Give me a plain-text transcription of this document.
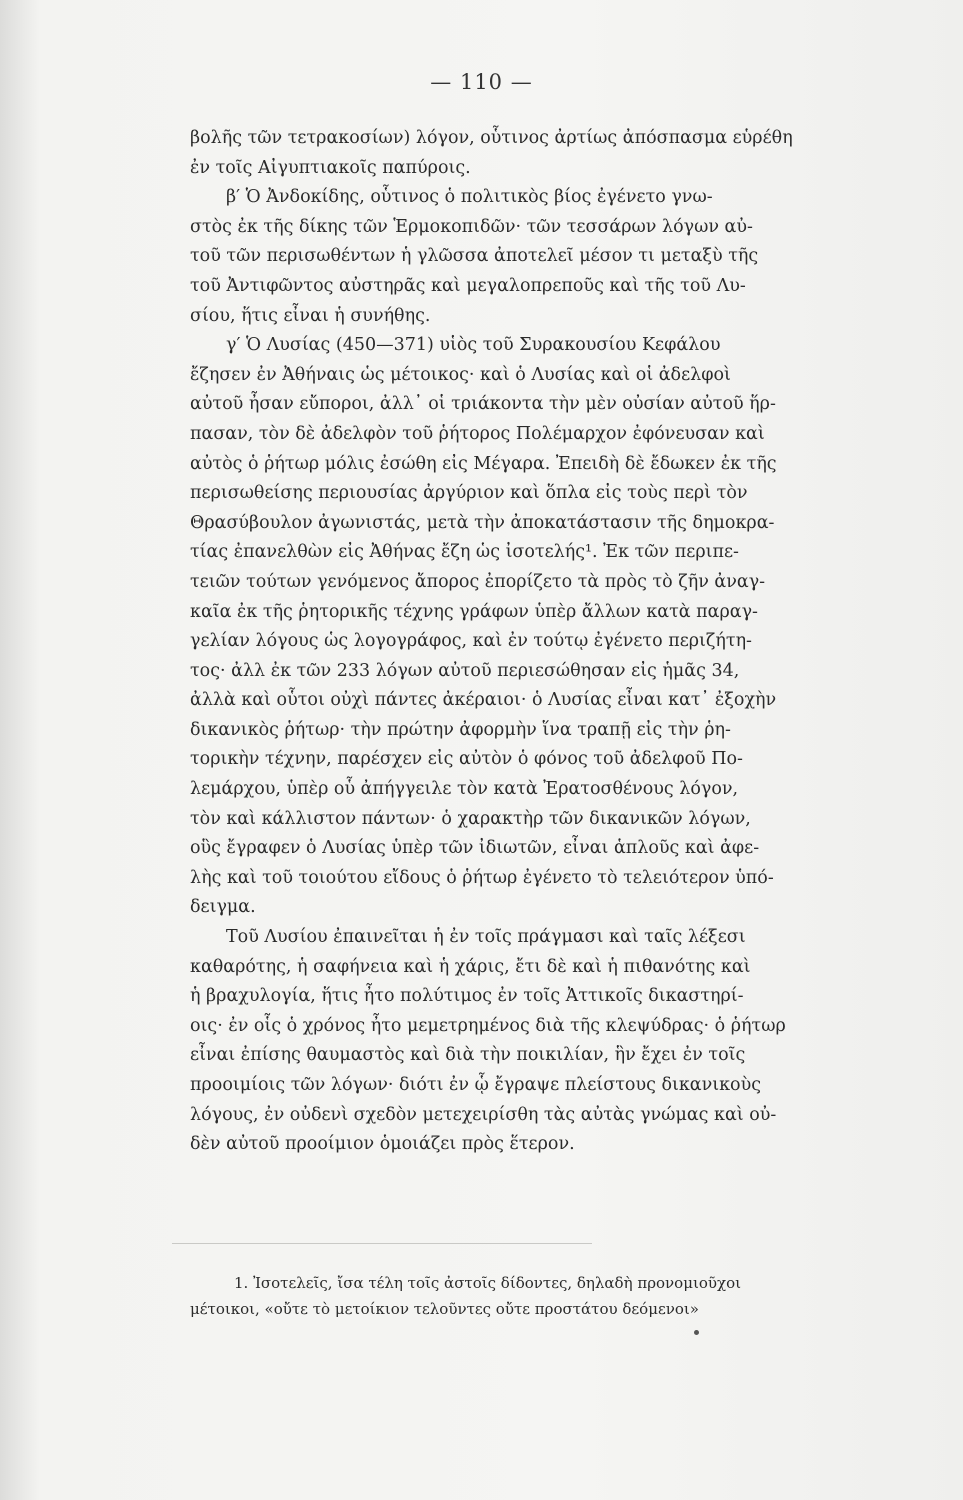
— 110 —
βολῆς τῶν τετρακοσίων) λόγον, οὗτινος ἀρτίως ἀπόσπασμα εὑρέθη
ἐν τοῖς Αἰγυπτιακοῖς παπύροις.
β′ Ὁ Ἀνδοκίδης, οὗτινος ὁ πολιτικὸς βίος ἐγένετο γνω-
στὸς ἐκ τῆς δίκης τῶν Ἑρμοκοπιδῶν· τῶν τεσσάρων λόγων αὐ-
τοῦ τῶν περισωθέντων ἡ γλῶσσα ἀποτελεῖ μέσον τι μεταξὺ τῆς
τοῦ Ἀντιφῶντος αὐστηρᾶς καὶ μεγαλοπρεποῦς καὶ τῆς τοῦ Λυ-
σίου, ἥτις εἶναι ἡ συνήθης.
γ′ Ὁ Λυσίας (450—371) υἱὸς τοῦ Συρακουσίου Κεφάλου
ἔζησεν ἐν Ἀθήναις ὡς μέτοικος· καὶ ὁ Λυσίας καὶ οἱ ἀδελφοὶ
αὐτοῦ ἦσαν εὔποροι, ἀλλ᾿ οἱ τριάκοντα τὴν μὲν οὐσίαν αὐτοῦ ἥρ-
πασαν, τὸν δὲ ἀδελφὸν τοῦ ῥήτορος Πολέμαρχον ἐφόνευσαν καὶ
αὐτὸς ὁ ῥήτωρ μόλις ἐσώθη εἰς Μέγαρα. Ἐπειδὴ δὲ ἔδωκεν ἐκ τῆς
περισωθείσης περιουσίας ἀργύριον καὶ ὅπλα εἰς τοὺς περὶ τὸν
Θρασύβουλον ἀγωνιστάς, μετὰ τὴν ἀποκατάστασιν τῆς δημοκρα-
τίας ἐπανελθὼν εἰς Ἀθήνας ἔζη ὡς ἰσοτελής¹. Ἐκ τῶν περιπε-
τειῶν τούτων γενόμενος ἄπορος ἐπορίζετο τὰ πρὸς τὸ ζῆν ἀναγ-
καῖα ἐκ τῆς ῥητορικῆς τέχνης γράφων ὑπὲρ ἄλλων κατὰ παραγ-
γελίαν λόγους ὡς λογογράφος, καὶ ἐν τούτῳ ἐγένετο περιζήτη-
τος· ἀλλ ἐκ τῶν 233 λόγων αὐτοῦ περιεσώθησαν εἰς ἡμᾶς 34,
ἀλλὰ καὶ οὗτοι οὐχὶ πάντες ἀκέραιοι· ὁ Λυσίας εἶναι κατ᾿ ἐξοχὴν
δικανικὸς ῥήτωρ· τὴν πρώτην ἀφορμὴν ἵνα τραπῇ εἰς τὴν ῥη-
τορικὴν τέχνην, παρέσχεν εἰς αὐτὸν ὁ φόνος τοῦ ἀδελφοῦ Πο-
λεμάρχου, ὑπὲρ οὗ ἀπήγγειλε τὸν κατὰ Ἐρατοσθένους λόγον,
τὸν καὶ κάλλιστον πάντων· ὁ χαρακτὴρ τῶν δικανικῶν λόγων,
οὓς ἔγραφεν ὁ Λυσίας ὑπὲρ τῶν ἰδιωτῶν, εἶναι ἁπλοῦς καὶ ἀφε-
λὴς καὶ τοῦ τοιούτου εἴδους ὁ ῥήτωρ ἐγένετο τὸ τελειότερον ὑπό-
δειγμα.
Τοῦ Λυσίου ἐπαινεῖται ἡ ἐν τοῖς πράγμασι καὶ ταῖς λέξεσι
καθαρότης, ἡ σαφήνεια καὶ ἡ χάρις, ἔτι δὲ καὶ ἡ πιθανότης καὶ
ἡ βραχυλογία, ἥτις ἦτο πολύτιμος ἐν τοῖς Ἀττικοῖς δικαστηρί-
οις· ἐν οἷς ὁ χρόνος ἦτο μεμετρημένος διὰ τῆς κλεψύδρας· ὁ ῥήτωρ
εἶναι ἐπίσης θαυμαστὸς καὶ διὰ τὴν ποικιλίαν, ἣν ἔχει ἐν τοῖς
προοιμίοις τῶν λόγων· διότι ἐν ᾧ ἔγραψε πλείστους δικανικοὺς
λόγους, ἐν οὐδενὶ σχεδὸν μετεχειρίσθη τὰς αὐτὰς γνώμας καὶ οὐ-
δὲν αὐτοῦ προοίμιον ὁμοιάζει πρὸς ἕτερον.
1. Ἰσοτελεῖς, ἴσα τέλη τοῖς ἀστοῖς δίδοντες, δηλαδὴ προνομιοῦχοι
μέτοικοι, «οὔτε τὸ μετοίκιον τελοῦντες οὔτε προστάτου δεόμενοι»
